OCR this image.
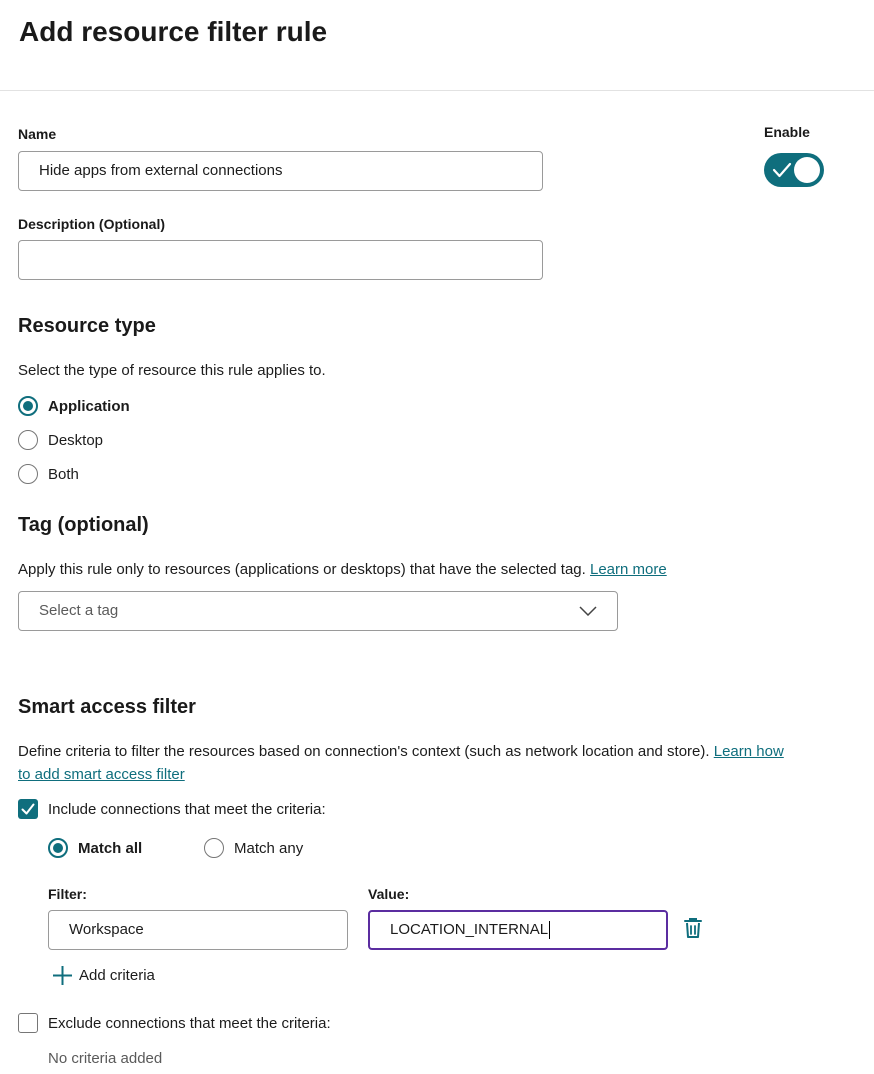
Add resource filter rule
Name
Hide apps from external connections
Enable
Description (Optional)
Resource type
Select the type of resource this rule applies to.
Application
Desktop
Both
Tag (optional)
Apply this rule only to resources (applications or desktops) that have the selected tag. Learn more
Select a tag
Smart access filter
Define criteria to filter the resources based on connection's context (such as network location and store). Learn how
to add smart access filter
Include connections that meet the criteria:
Match all	Match any
Filter:	Value:
Workspace	LOCATION_INTERNAL
Add criteria
Exclude connections that meet the criteria:
No criteria added
